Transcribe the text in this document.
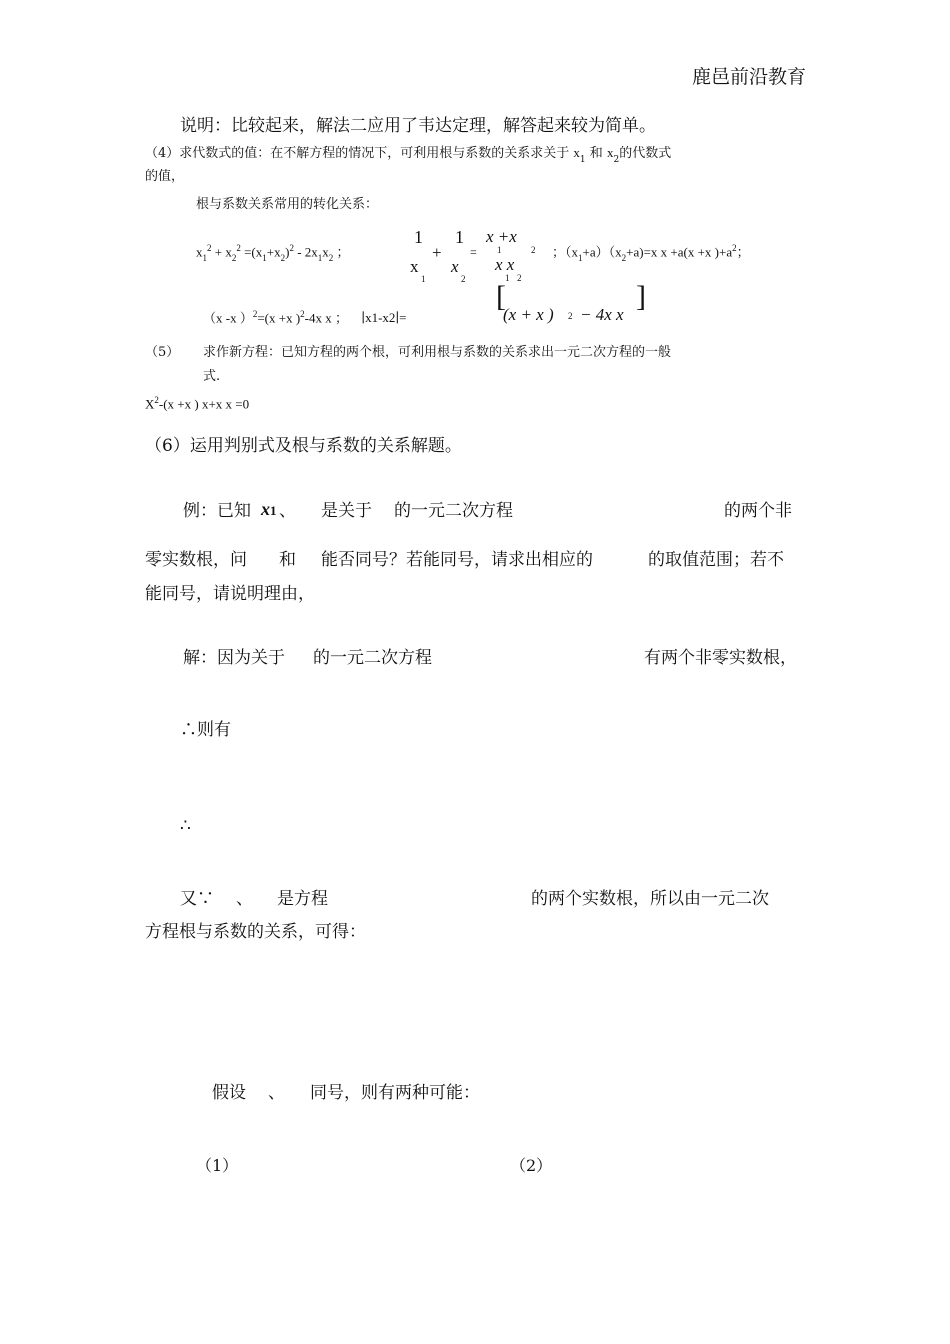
鹿邑前沿教育
说明：比较起来，解法二应用了韦达定理，解答起来较为简单。
（4）求代数式的值：在不解方程的情况下，可利用根与系数的关系求关于 $x_1$ 和 $x_2$的代数式
的值，
根与系数关系常用的转化关系：
$x_1^2 + x_2^2 =(x_1+x_2)^2 - 2x_1x_2$ ；
1
x
1
+
1
x
2
=
x +x
1	2
x x
1 2
；$(x_1+a)(x_2+a)=x$ x +a(x +x )$+a^2$；
（x -x ）$^2$=(x +x )$^2$-4x x ； ∣x1-x2∣=
[
(x + x ) 2 − 4x x
]
（5） 求作新方程：已知方程的两个根，可利用根与系数的关系求出一元二次方程的一般
式.
$X^2-(x +x$ ) x+x x =0
（6）运用判别式及根与系数的关系解题。
例：已知 x1 、 是关于 的一元二次方程	的两个非
零实数根，问 和 能否同号？若能同号，请求出相应的	的取值范围；若不
能同号，请说明理由，
解：因为关于 的一元二次方程	有两个非零实数根，
∴则有
∴
又∵ 、 是方程	的两个实数根，所以由一元二次
方程根与系数的关系，可得：
假设 、 同号，则有两种可能：
（1）	（2）
